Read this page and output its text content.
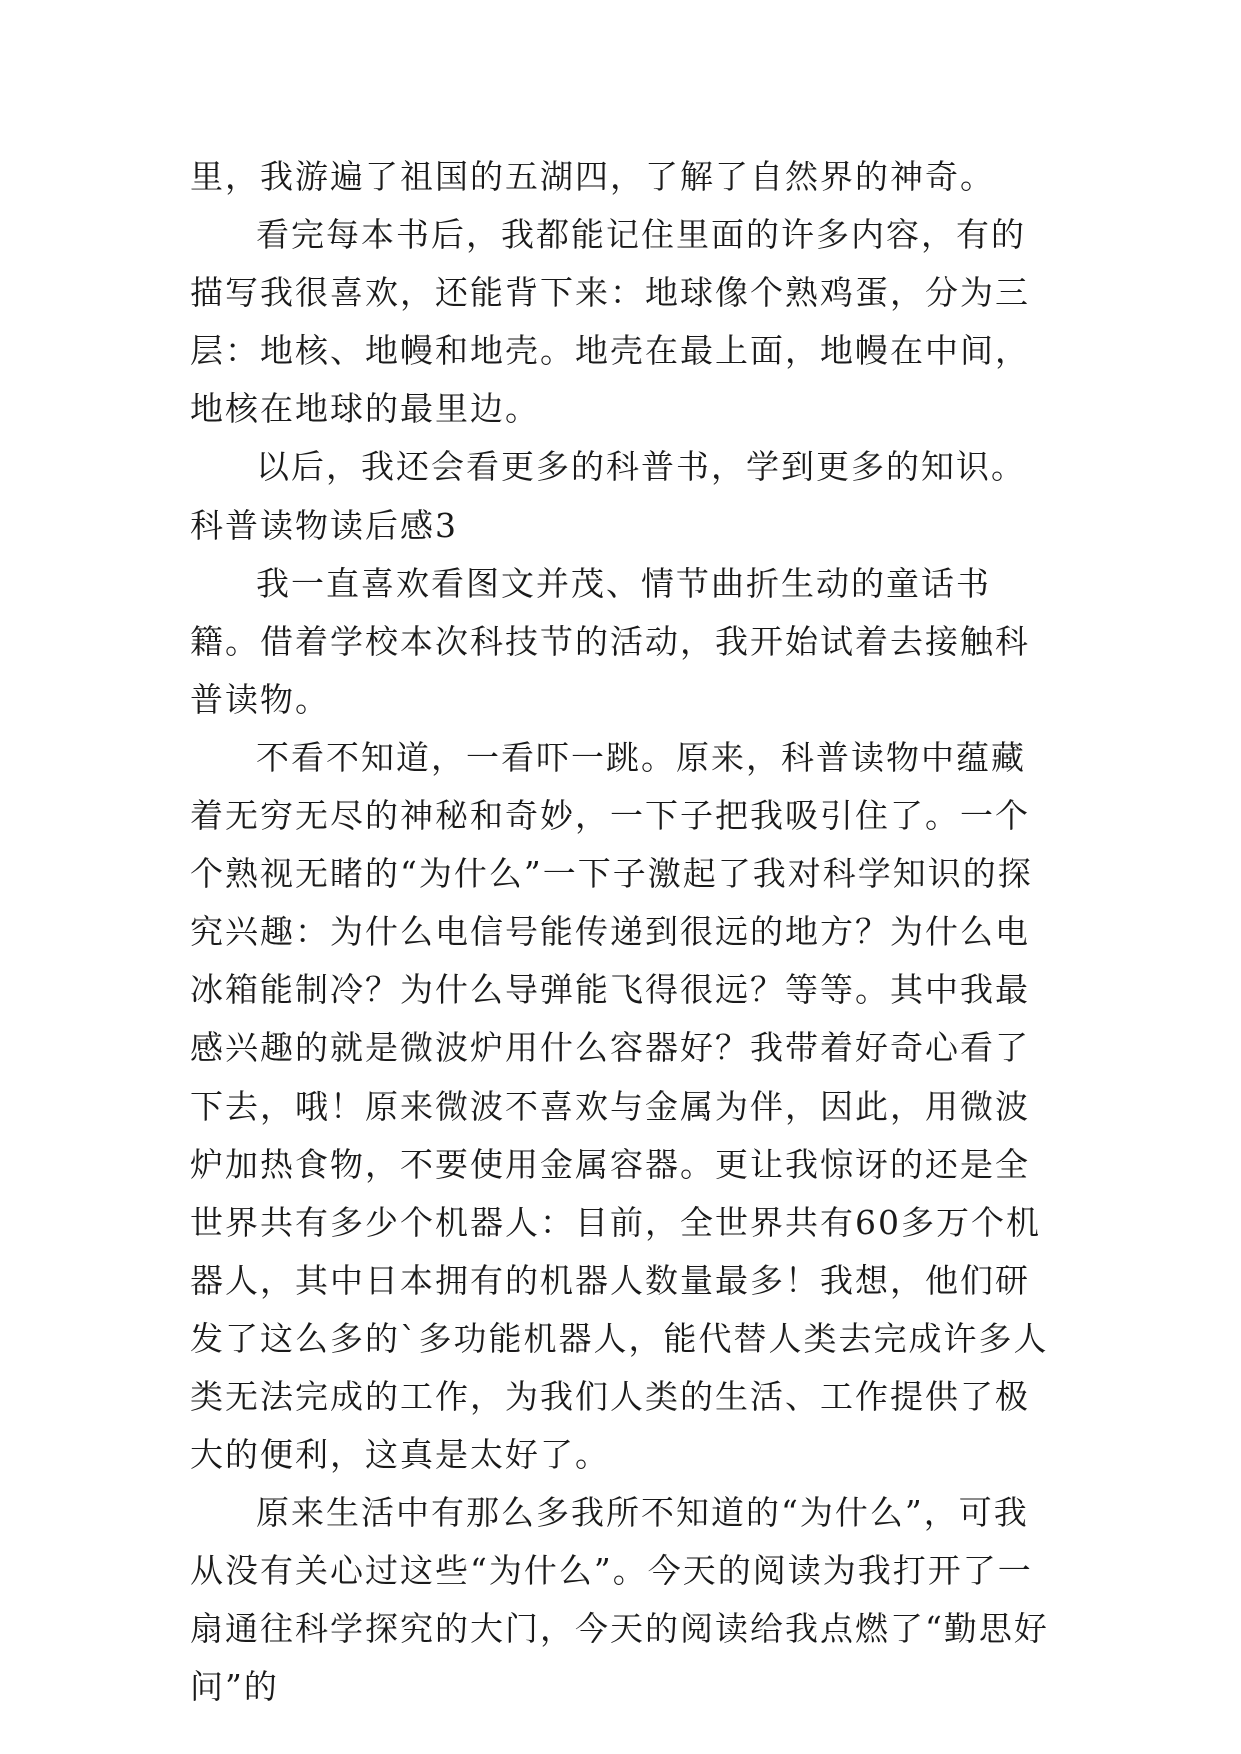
里，我游遍了祖国的五湖四，了解了自然界的神奇。

看完每本书后，我都能记住里面的许多内容，有的描写我很喜欢，还能背下来：地球像个熟鸡蛋，分为三层：地核、地幔和地壳。地壳在最上面，地幔在中间，地核在地球的最里边。

以后，我还会看更多的科普书，学到更多的知识。

科普读物读后感3

我一直喜欢看图文并茂、情节曲折生动的童话书籍。借着学校本次科技节的活动，我开始试着去接触科普读物。

不看不知道，一看吓一跳。原来，科普读物中蕴藏着无穷无尽的神秘和奇妙，一下子把我吸引住了。一个个熟视无睹的“为什么”一下子激起了我对科学知识的探究兴趣：为什么电信号能传递到很远的地方？为什么电冰箱能制冷？为什么导弹能飞得很远？等等。其中我最感兴趣的就是微波炉用什么容器好？我带着好奇心看了下去，哦！原来微波不喜欢与金属为伴，因此，用微波炉加热食物，不要使用金属容器。更让我惊讶的还是全世界共有多少个机器人：目前，全世界共有60多万个机器人，其中日本拥有的机器人数量最多！我想，他们研发了这么多的`多功能机器人，能代替人类去完成许多人类无法完成的工作，为我们人类的生活、工作提供了极大的便利，这真是太好了。

原来生活中有那么多我所不知道的“为什么”，可我从没有关心过这些“为什么”。今天的阅读为我打开了一扇通往科学探究的大门，今天的阅读给我点燃了“勤思好问”的
